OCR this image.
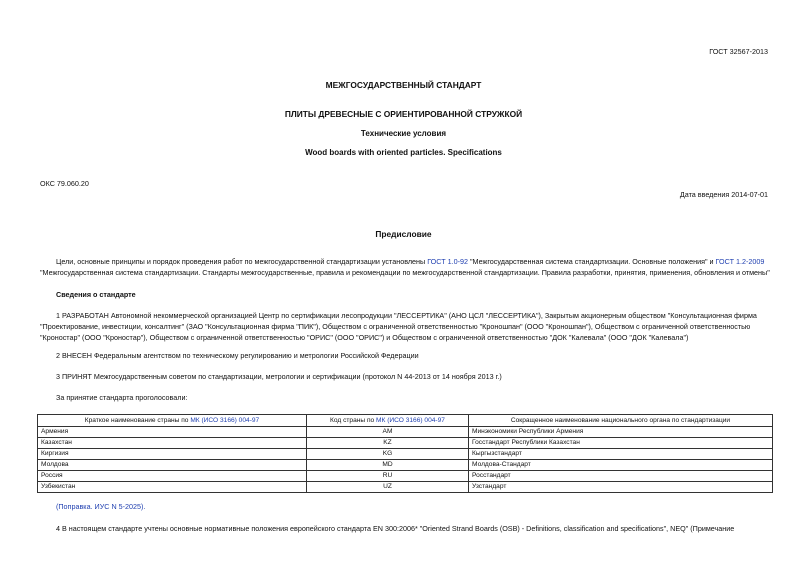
ГОСТ 32567-2013
МЕЖГОСУДАРСТВЕННЫЙ СТАНДАРТ
ПЛИТЫ ДРЕВЕСНЫЕ С ОРИЕНТИРОВАННОЙ СТРУЖКОЙ
Технические условия
Wood boards with oriented particles. Specifications
ОКС 79.060.20
Дата введения 2014-07-01
Предисловие
Цели, основные принципы и порядок проведения работ по межгосударственной стандартизации установлены ГОСТ 1.0-92 "Межгосударственная система стандартизации. Основные положения" и ГОСТ 1.2-2009
"Межгосударственная система стандартизации. Стандарты межгосударственные, правила и рекомендации по межгосударственной стандартизации. Правила разработки, принятия, применения, обновления и отмены"
Сведения о стандарте
1 РАЗРАБОТАН Автономной некоммерческой организацией Центр по сертификации лесопродукции "ЛЕССЕРТИКА" (АНО ЦСЛ "ЛЕССЕРТИКА"), Закрытым акционерным обществом "Консультационная фирма
"Проектирование, инвестиции, консалтинг" (ЗАО "Консультационная фирма "ПИК"), Обществом с ограниченной ответственностью "Кроношпан" (ООО "Кроношпан"), Обществом с ограниченной ответственностью
"Кроностар" (ООО "Кроностар"), Обществом с ограниченной ответственностью "ОРИС" (ООО "ОРИС") и Обществом с ограниченной ответственностью "ДОК "Калевала" (ООО "ДОК "Калевала")
2 ВНЕСЕН Федеральным агентством по техническому регулированию и метрологии Российской Федерации
3 ПРИНЯТ Межгосударственным советом по стандартизации, метрологии и сертификации (протокол N 44-2013 от 14 ноября 2013 г.)
За принятие стандарта проголосовали:
Краткое наименование страны по МК (ИСО 3166) 004-97	Код страны по МК (ИСО 3166) 004-97	Сокращенное наименование национального органа по стандартизации
Армения	AM	Минэкономики Республики Армения
Казахстан	KZ	Госстандарт Республики Казахстан
Киргизия	KG	Кыргызстандарт
Молдова	MD	Молдова-Стандарт
Россия	RU	Росстандарт
Узбекистан	UZ	Узстандарт
(Поправка. ИУС N 5-2025).
4 В настоящем стандарте учтены основные нормативные положения европейского стандарта EN 300:2006* "Oriented Strand Boards (OSB) - Definitions, classification and specifications", NEQ" (Примечание
